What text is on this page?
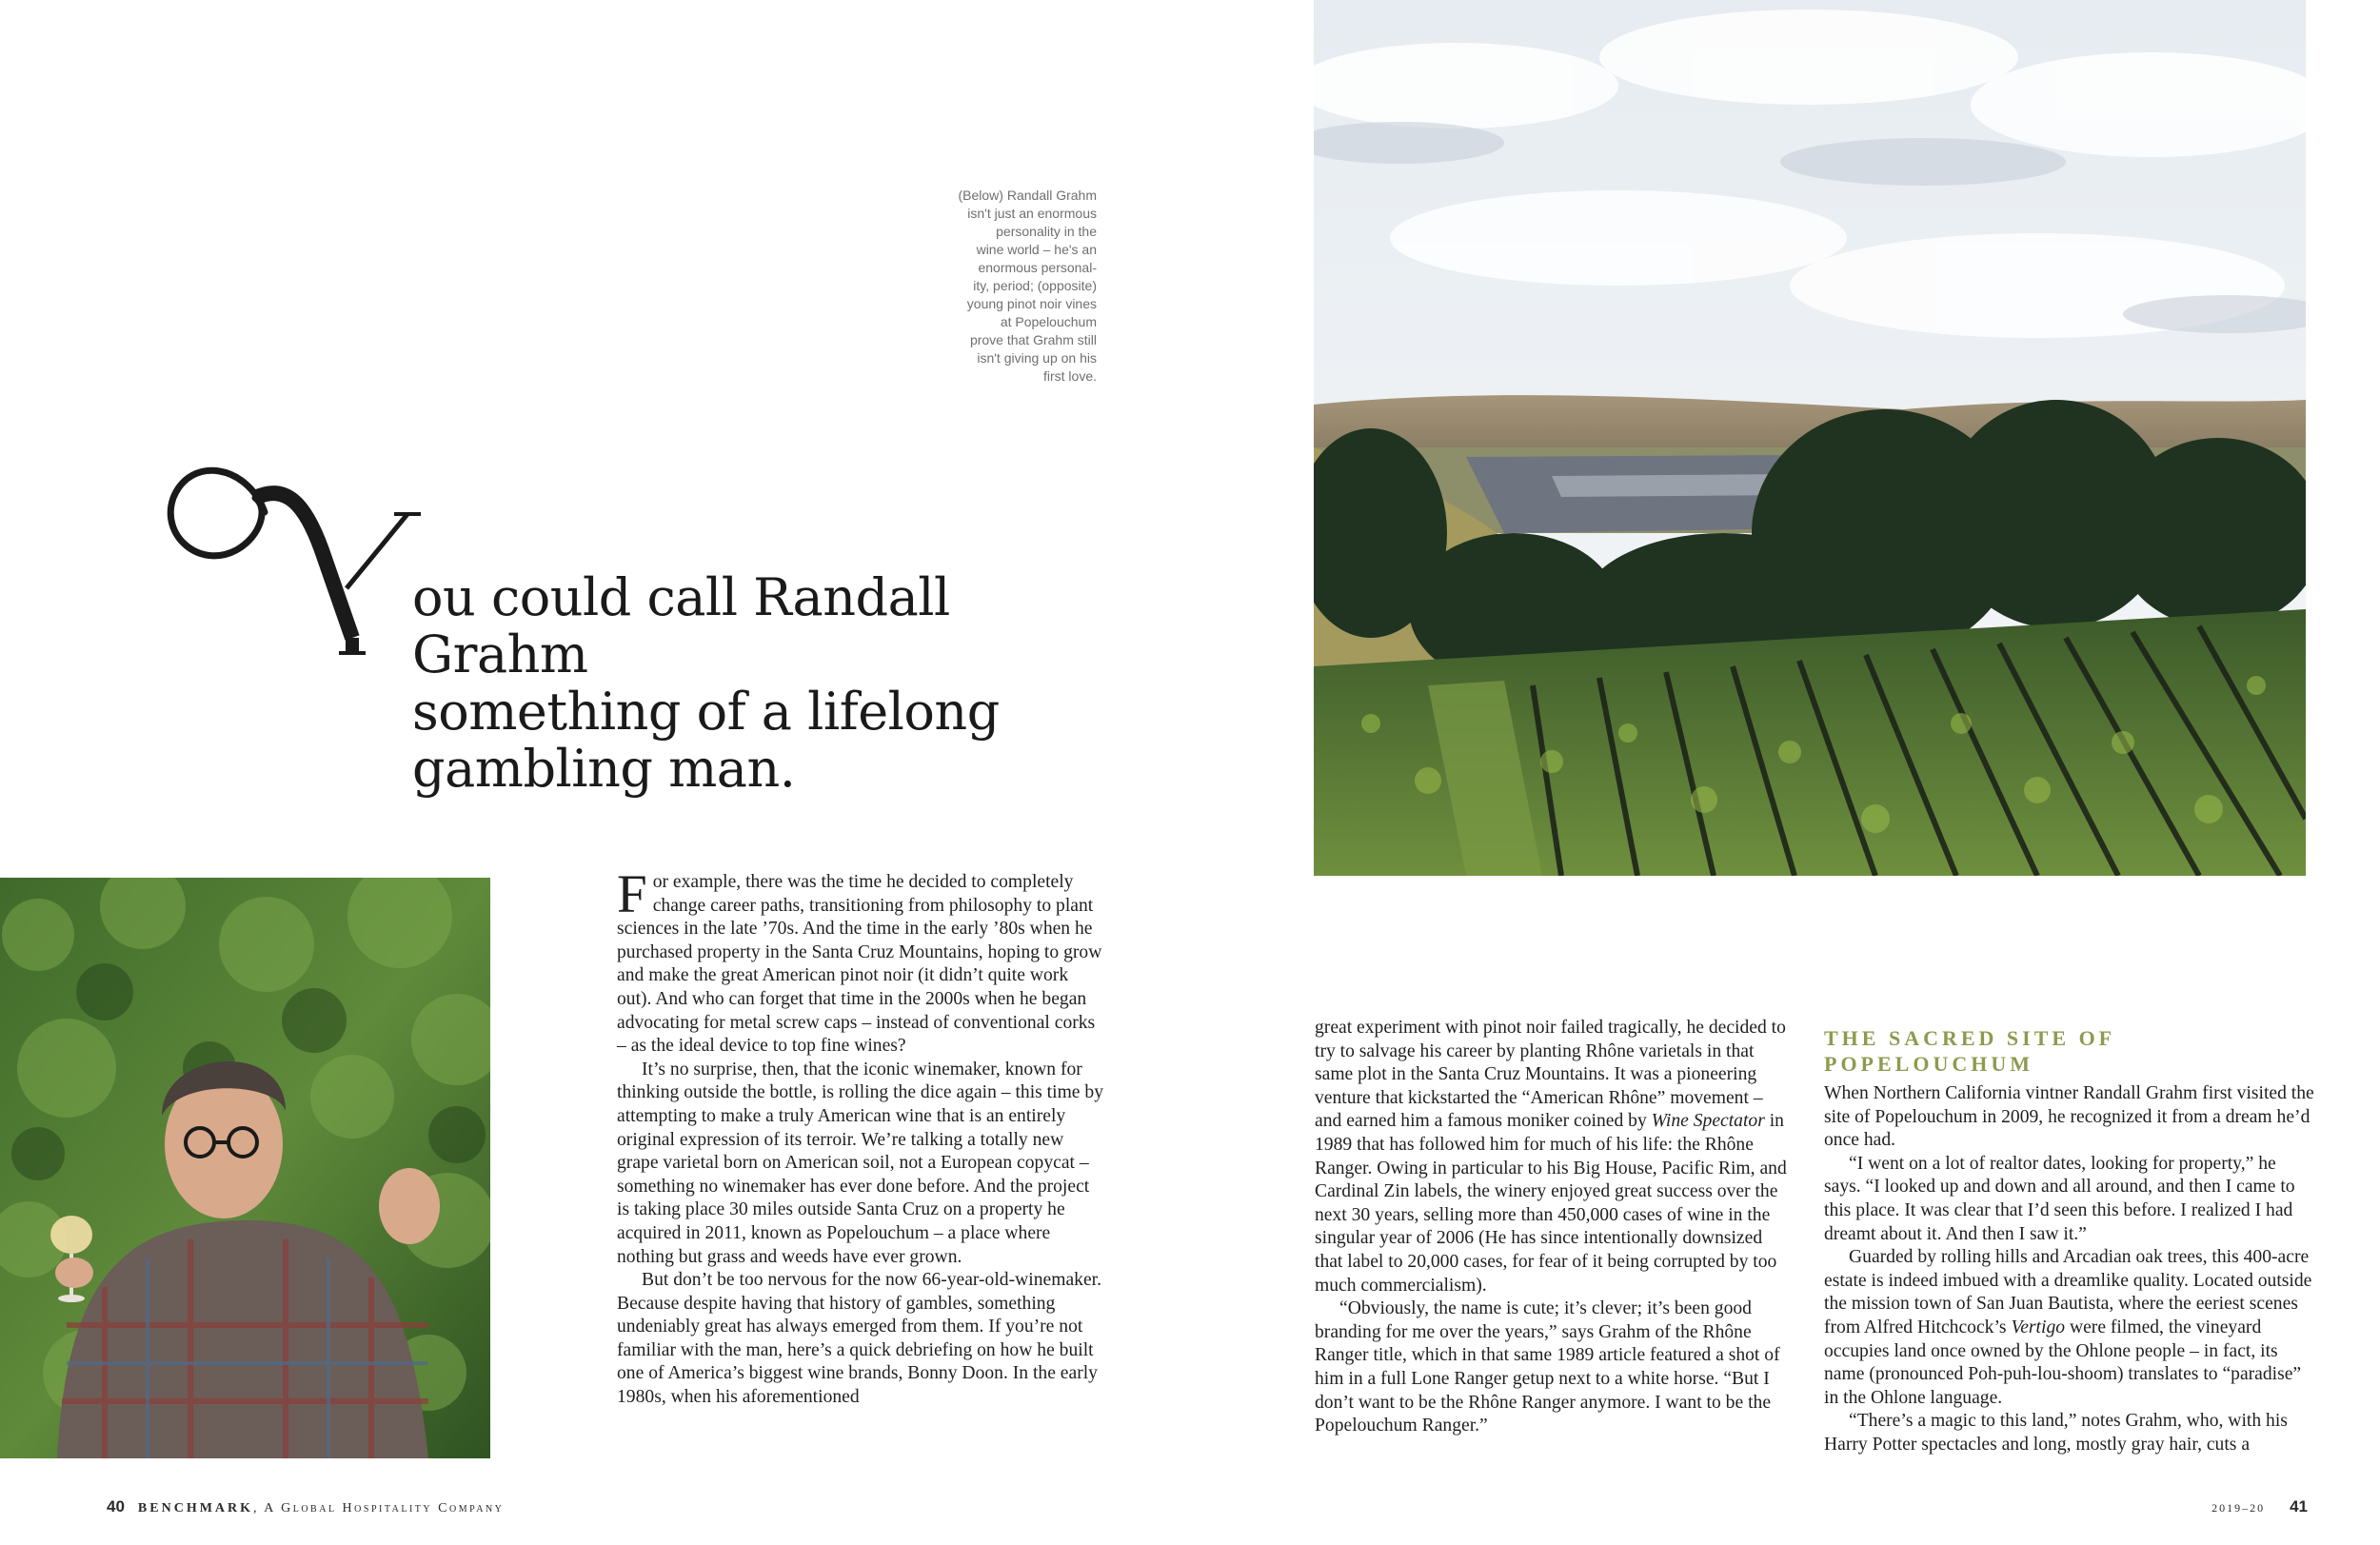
(Below) Randall Grahm
isn't just an enormous
personality in the
wine world – he's an
enormous personal-
ity, period; (opposite)
young pinot noir vines
at Popelouchum
prove that Grahm still
isn't giving up on his
first love.
ou could call Randall Grahm
something of a lifelong
gambling man.

For example, there was the time he decided to completely change career paths, transitioning from philosophy to plant sciences in the late ’70s. And the time in the early ’80s when he purchased property in the Santa Cruz Mountains, hoping to grow and make the great American pinot noir (it didn’t quite work out). And who can forget that time in the 2000s when he began advocating for metal screw caps – instead of conventional corks – as the ideal device to top fine wines?

It’s no surprise, then, that the iconic winemaker, known for thinking outside the bottle, is rolling the dice again – this time by attempting to make a truly American wine that is an entirely original expression of its terroir. We’re talking a totally new grape varietal born on American soil, not a European copycat – something no winemaker has ever done before. And the project is taking place 30 miles outside Santa Cruz on a property he acquired in 2011, known as Popelouchum – a place where nothing but grass and weeds have ever grown.

But don’t be too nervous for the now 66-year-old-winemaker. Because despite having that history of gambles, something undeniably great has always emerged from them. If you’re not familiar with the man, here’s a quick debriefing on how he built one of America’s biggest wine brands, Bonny Doon. In the early 1980s, when his aforementioned

great experiment with pinot noir failed tragically, he decided to try to salvage his career by planting Rhône varietals in that same plot in the Santa Cruz Mountains. It was a pioneering venture that kickstarted the “American Rhône” movement – and earned him a famous moniker coined by Wine Spectator in 1989 that has followed him for much of his life: the Rhône Ranger. Owing in particular to his Big House, Pacific Rim, and Cardinal Zin labels, the winery enjoyed great success over the next 30 years, selling more than 450,000 cases of wine in the singular year of 2006 (He has since intentionally downsized that label to 20,000 cases, for fear of it being corrupted by too much commercialism).

“Obviously, the name is cute; it’s clever; it’s been good branding for me over the years,” says Grahm of the Rhône Ranger title, which in that same 1989 article featured a shot of him in a full Lone Ranger getup next to a white horse. “But I don’t want to be the Rhône Ranger anymore. I want to be the Popelouchum Ranger.”

THE SACRED SITE OF POPELOUCHUM

When Northern California vintner Randall Grahm first visited the site of Popelouchum in 2009, he recognized it from a dream he’d once had.

“I went on a lot of realtor dates, looking for property,” he says. “I looked up and down and all around, and then I came to this place. It was clear that I’d seen this before. I realized I had dreamt about it. And then I saw it.”

Guarded by rolling hills and Arcadian oak trees, this 400-acre estate is indeed imbued with a dreamlike quality. Located outside the mission town of San Juan Bautista, where the eeriest scenes from Alfred Hitchcock’s Vertigo were filmed, the vineyard occupies land once owned by the Ohlone people – in fact, its name (pronounced Poh-puh-lou-shoom) translates to “paradise” in the Ohlone language.

“There’s a magic to this land,” notes Grahm, who, with his Harry Potter spectacles and long, mostly gray hair, cuts a

40 BENCHMARK, A Global Hospitality Company	2019–20 41
